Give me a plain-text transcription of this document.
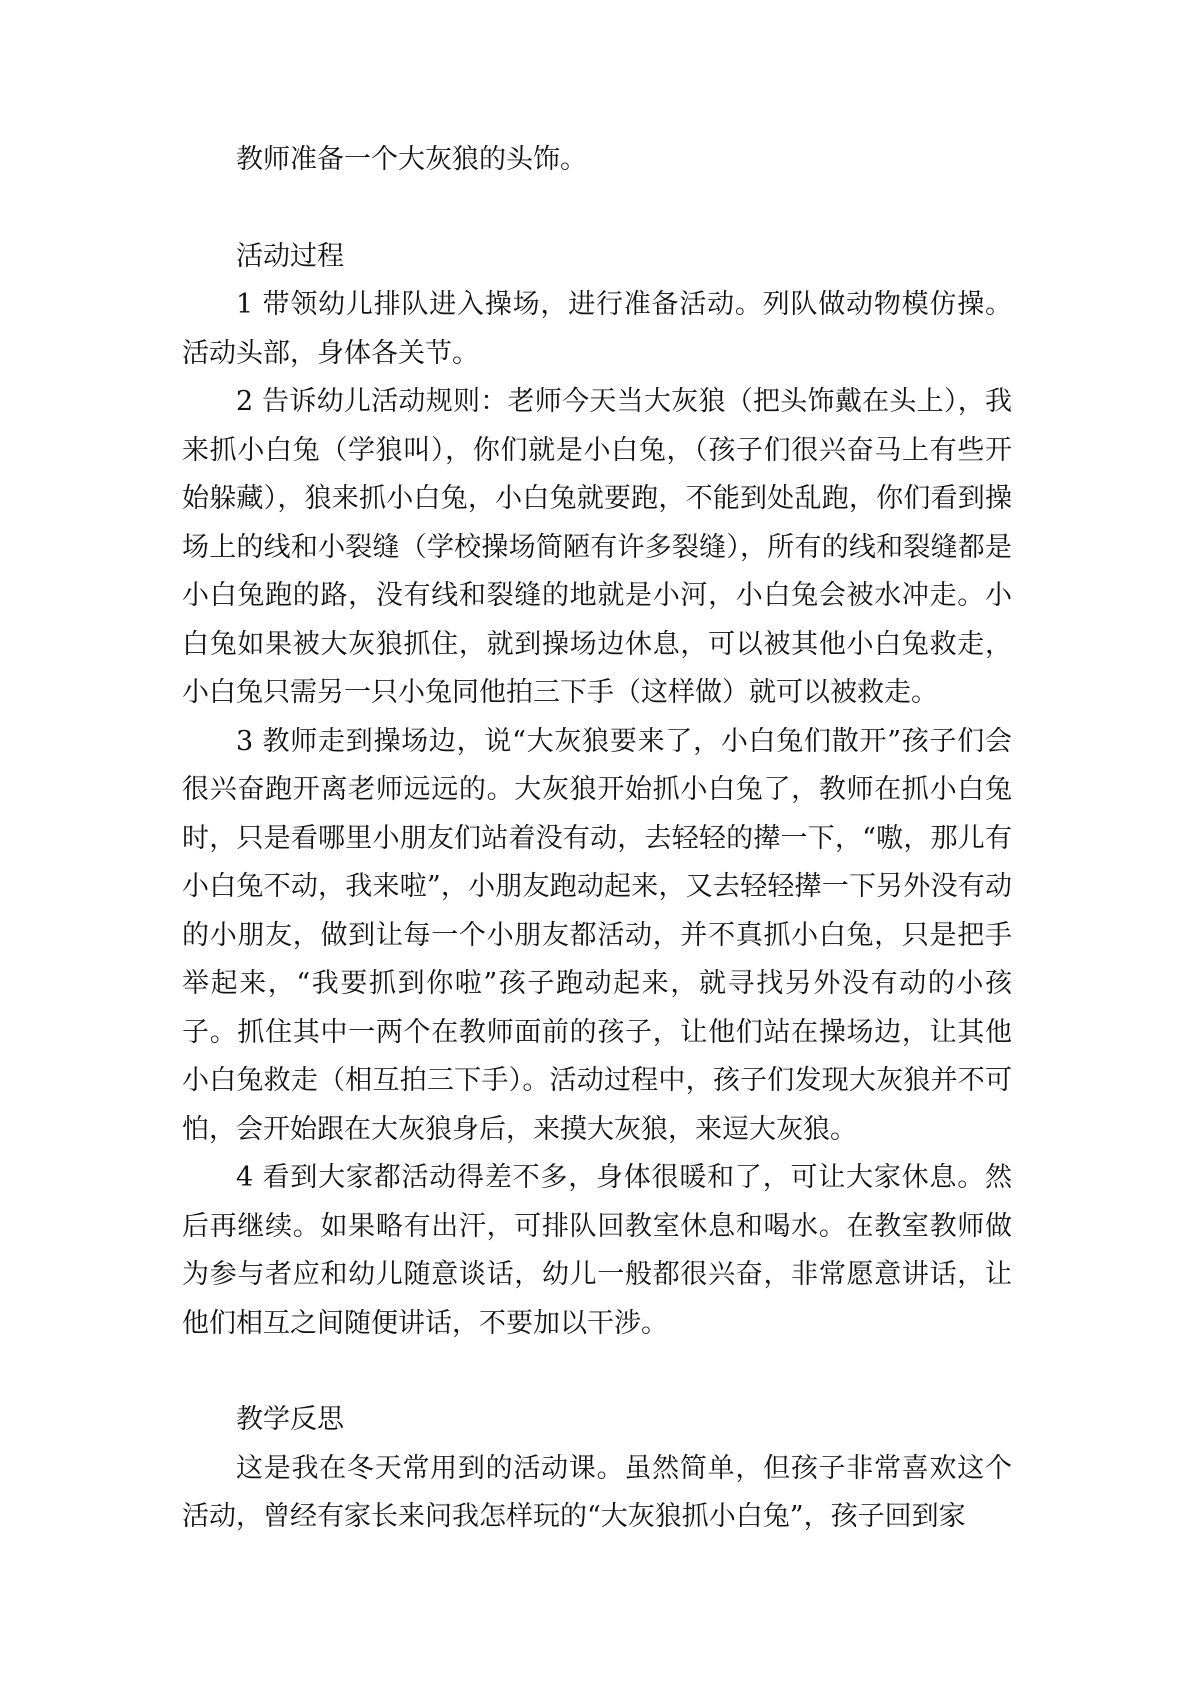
教师准备一个大灰狼的头饰。

活动过程

1 带领幼儿排队进入操场，进行准备活动。列队做动物模仿操。活动头部，身体各关节。

2 告诉幼儿活动规则：老师今天当大灰狼（把头饰戴在头上），我来抓小白兔（学狼叫），你们就是小白兔，（孩子们很兴奋马上有些开始躲藏），狼来抓小白兔，小白兔就要跑，不能到处乱跑，你们看到操场上的线和小裂缝（学校操场简陋有许多裂缝），所有的线和裂缝都是小白兔跑的路，没有线和裂缝的地就是小河，小白兔会被水冲走。小白兔如果被大灰狼抓住，就到操场边休息，可以被其他小白兔救走，小白兔只需另一只小兔同他拍三下手（这样做）就可以被救走。

3 教师走到操场边，说“大灰狼要来了，小白兔们散开”孩子们会很兴奋跑开离老师远远的。大灰狼开始抓小白兔了，教师在抓小白兔时，只是看哪里小朋友们站着没有动，去轻轻的撵一下，“嗷，那儿有小白兔不动，我来啦”，小朋友跑动起来，又去轻轻撵一下另外没有动的小朋友，做到让每一个小朋友都活动，并不真抓小白兔，只是把手举起来，“我要抓到你啦”孩子跑动起来，就寻找另外没有动的小孩子。抓住其中一两个在教师面前的孩子，让他们站在操场边，让其他小白兔救走（相互拍三下手）。活动过程中，孩子们发现大灰狼并不可怕，会开始跟在大灰狼身后，来摸大灰狼，来逗大灰狼。

4 看到大家都活动得差不多，身体很暖和了，可让大家休息。然后再继续。如果略有出汗，可排队回教室休息和喝水。在教室教师做为参与者应和幼儿随意谈话，幼儿一般都很兴奋，非常愿意讲话，让他们相互之间随便讲话，不要加以干涉。

教学反思

这是我在冬天常用到的活动课。虽然简单，但孩子非常喜欢这个活动，曾经有家长来问我怎样玩的“大灰狼抓小白兔”，孩子回到家
